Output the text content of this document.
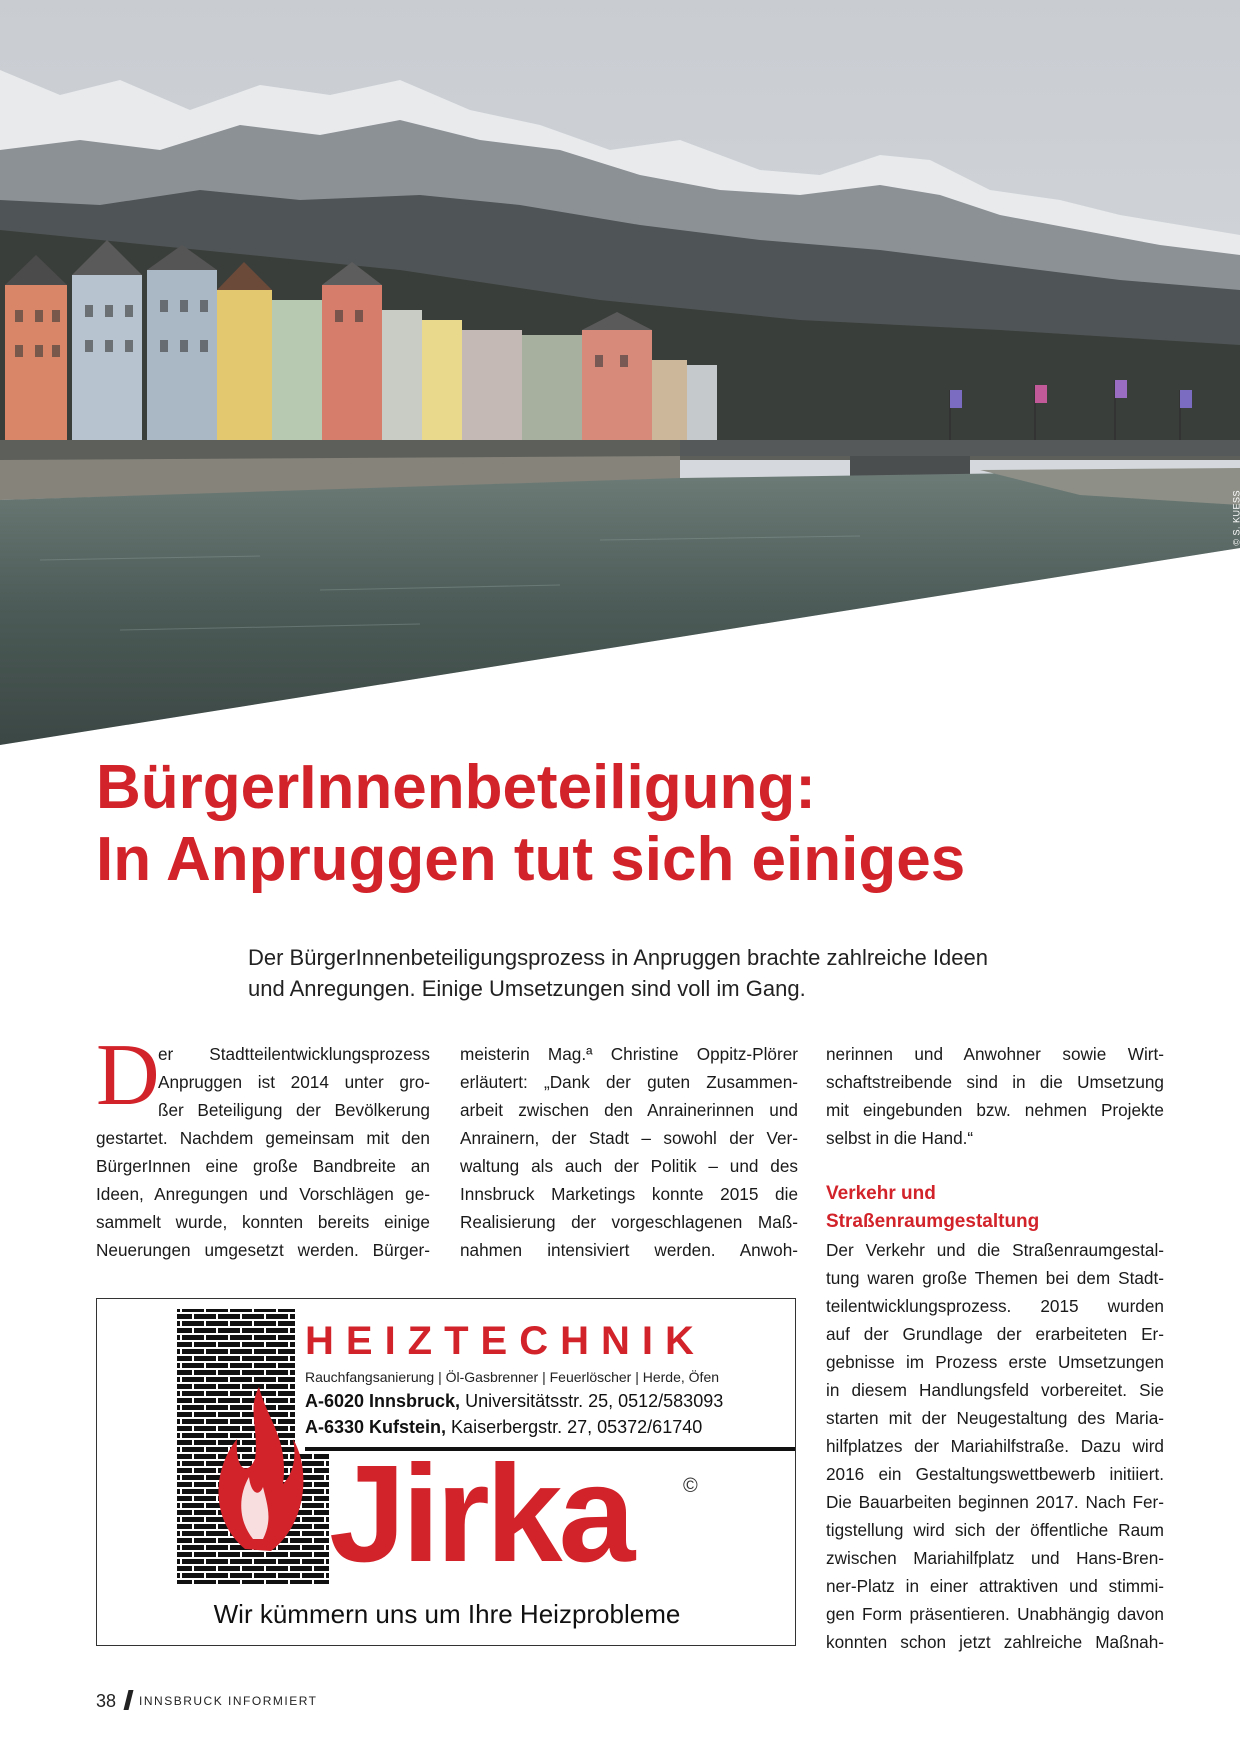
© S. KUESS
BürgerInnenbeteiligung:
In Anpruggen tut sich einiges

Der BürgerInnenbeteiligungsprozess in Anpruggen brachte zahlreiche Ideen
und Anregungen. Einige Umsetzungen sind voll im Gang.

D
er Stadtteilentwicklungsprozess
Anpruggen ist 2014 unter gro-
ßer Beteiligung der Bevölkerung
gestartet. Nachdem gemeinsam mit den
BürgerInnen eine große Bandbreite an
Ideen, Anregungen und Vorschlägen ge-
sammelt wurde, konnten bereits einige
Neuerungen umgesetzt werden. Bürger-
meisterin Mag.ª Christine Oppitz-Plörer
erläutert: „Dank der guten Zusammen-
arbeit zwischen den Anrainerinnen und
Anrainern, der Stadt – sowohl der Ver-
waltung als auch der Politik – und des
Innsbruck Marketings konnte 2015 die
Realisierung der vorgeschlagenen Maß-
nahmen intensiviert werden. Anwoh-
nerinnen und Anwohner sowie Wirt-
schaftstreibende sind in die Umsetzung
mit eingebunden bzw. nehmen Projekte
selbst in die Hand.“
Verkehr und
Straßenraumgestaltung
Der Verkehr und die Straßenraumgestal-
tung waren große Themen bei dem Stadt-
teilentwicklungsprozess. 2015 wurden
auf der Grundlage der erarbeiteten Er-
gebnisse im Prozess erste Umsetzungen
in diesem Handlungsfeld vorbereitet. Sie
starten mit der Neugestaltung des Maria-
hilfplatzes der Mariahilfstraße. Dazu wird
2016 ein Gestaltungswettbewerb initiiert.
Die Bauarbeiten beginnen 2017. Nach Fer-
tigstellung wird sich der öffentliche Raum
zwischen Mariahilfplatz und Hans-Bren-
ner-Platz in einer attraktiven und stimmi-
gen Form präsentieren. Unabhängig davon
konnten schon jetzt zahlreiche Maßnah-
HEIZTECHNIK
Rauchfangsanierung | Öl-Gasbrenner | Feuerlöscher | Herde, Öfen
A-6020 Innsbruck, Universitätsstr. 25, 0512/583093
A-6330 Kufstein, Kaiserbergstr. 27, 05372/61740
Jirka	©
Wir kümmern uns um Ihre Heizprobleme
38 INNSBRUCK INFORMIERT
